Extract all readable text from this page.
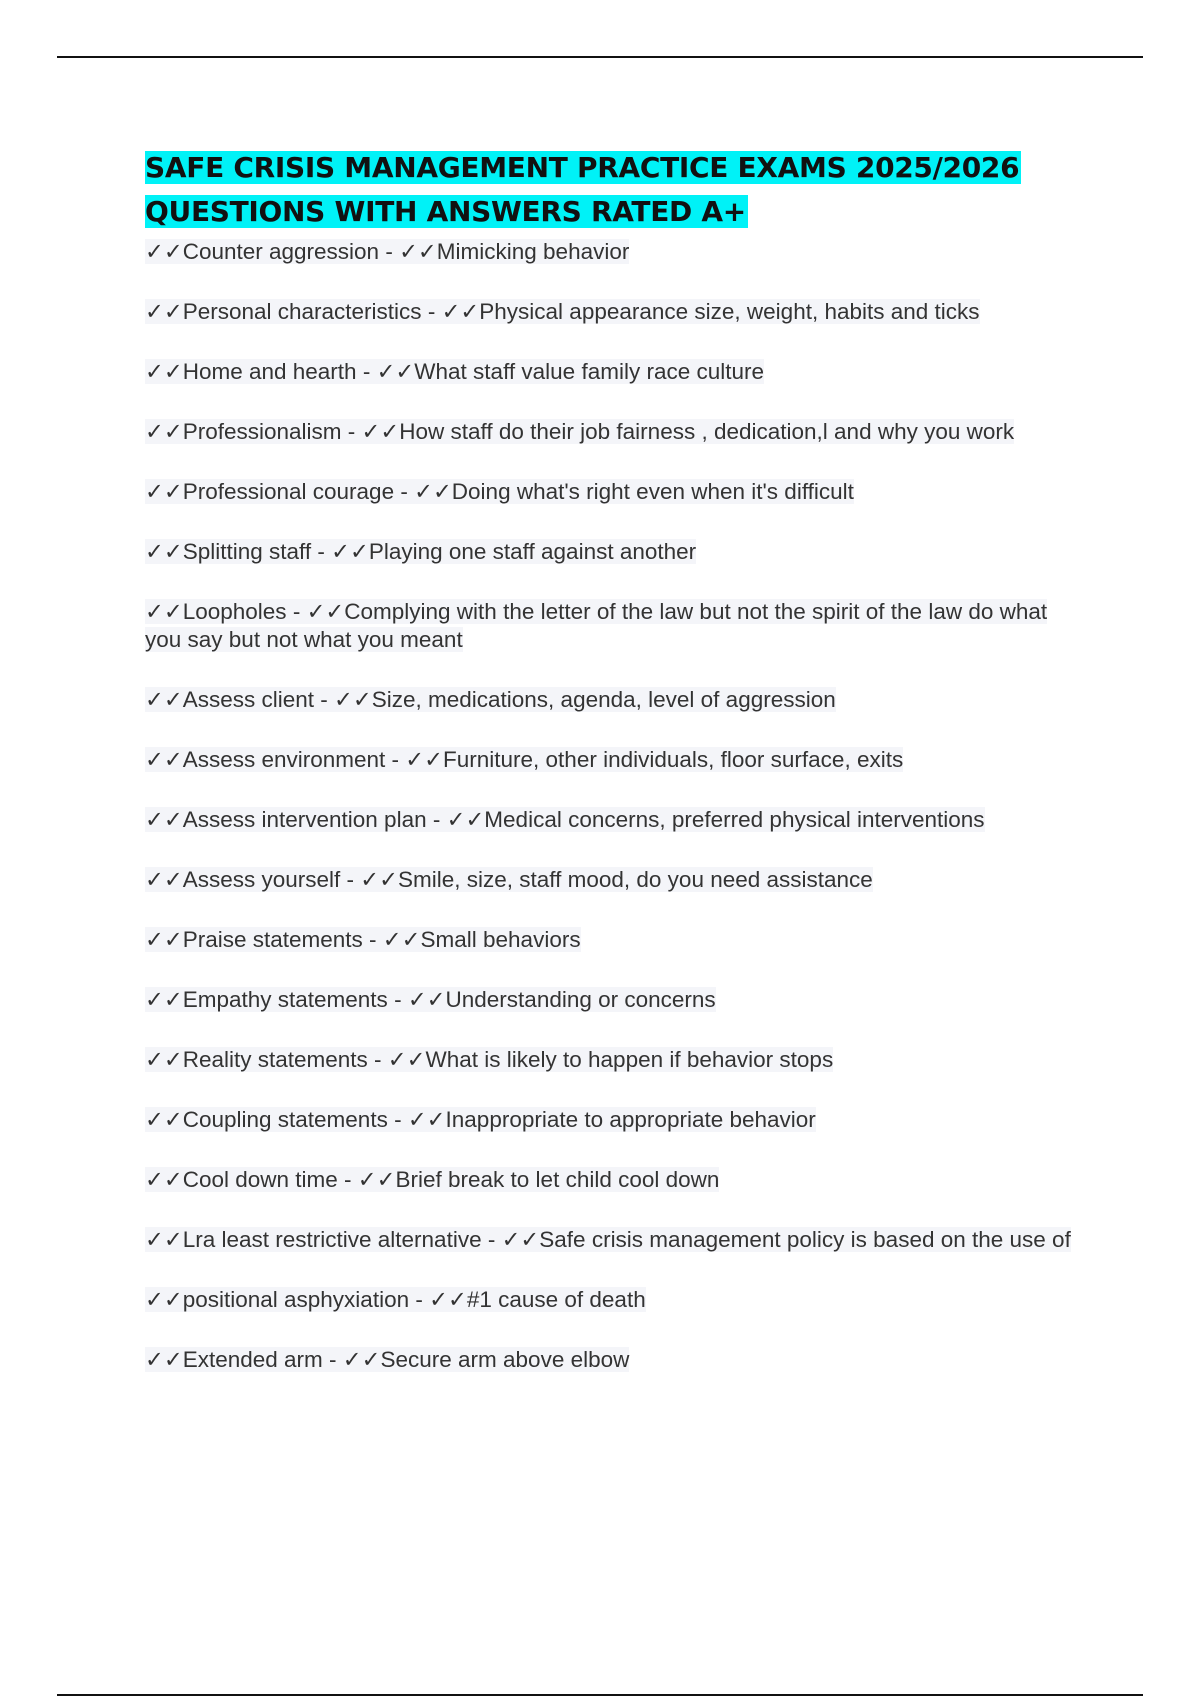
SAFE CRISIS MANAGEMENT PRACTICE EXAMS 2025/2026
QUESTIONS WITH ANSWERS RATED A+
✓✓Counter aggression - ✓✓Mimicking behavior
✓✓Personal characteristics - ✓✓Physical appearance size, weight, habits and ticks
✓✓Home and hearth - ✓✓What staff value family race culture
✓✓Professionalism - ✓✓How staff do their job fairness , dedication,l and why you work
✓✓Professional courage - ✓✓Doing what's right even when it's difficult
✓✓Splitting staff - ✓✓Playing one staff against another
✓✓Loopholes - ✓✓Complying with the letter of the law but not the spirit of the law do what you say but not what you meant
✓✓Assess client - ✓✓Size, medications, agenda, level of aggression
✓✓Assess environment - ✓✓Furniture, other individuals, floor surface, exits
✓✓Assess intervention plan - ✓✓Medical concerns, preferred physical interventions
✓✓Assess yourself - ✓✓Smile, size, staff mood, do you need assistance
✓✓Praise statements - ✓✓Small behaviors
✓✓Empathy statements - ✓✓Understanding or concerns
✓✓Reality statements - ✓✓What is likely to happen if behavior stops
✓✓Coupling statements - ✓✓Inappropriate to appropriate behavior
✓✓Cool down time - ✓✓Brief break to let child cool down
✓✓Lra least restrictive alternative - ✓✓Safe crisis management policy is based on the use of
✓✓positional asphyxiation - ✓✓#1 cause of death
✓✓Extended arm - ✓✓Secure arm above elbow
